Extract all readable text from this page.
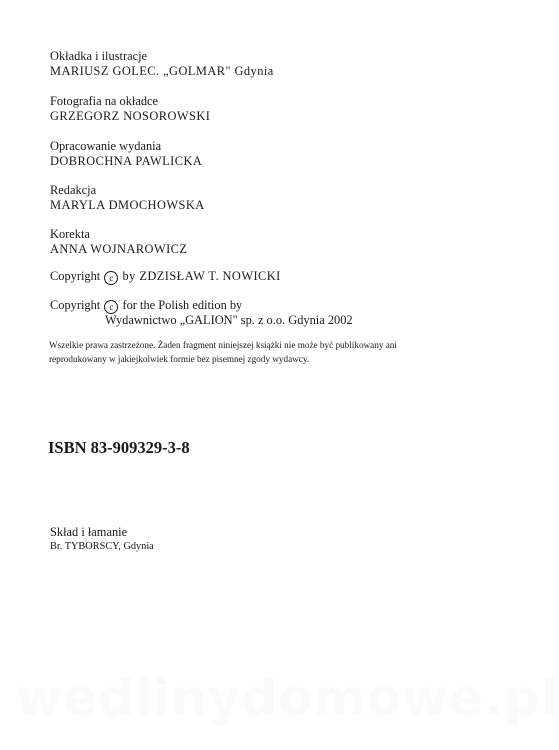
Okładka i ilustracje
MARIUSZ GOLEC. „GOLMAR" Gdynia
Fotografia na okładce
GRZEGORZ NOSOROWSKI
Opracowanie wydania
DOBROCHNA PAWLICKA
Redakcja
MARYLA DMOCHOWSKA
Korekta
ANNA WOJNAROWICZ
Copyright c by ZDZISŁAW T. NOWICKI
Copyright c for the Polish edition by
Wydawnictwo „GALION" sp. z o.o. Gdynia 2002
Wszelkie prawa zastrzeżone. Żaden fragment niniejszej książki nie może być publikowany ani
reprodukowany w jakiejkolwiek formie bez pisemnej zgody wydawcy.
ISBN 83-909329-3-8
Skład i łamanie
Br. TYBORSCY, Gdynia
wedlinydomowe.pl
